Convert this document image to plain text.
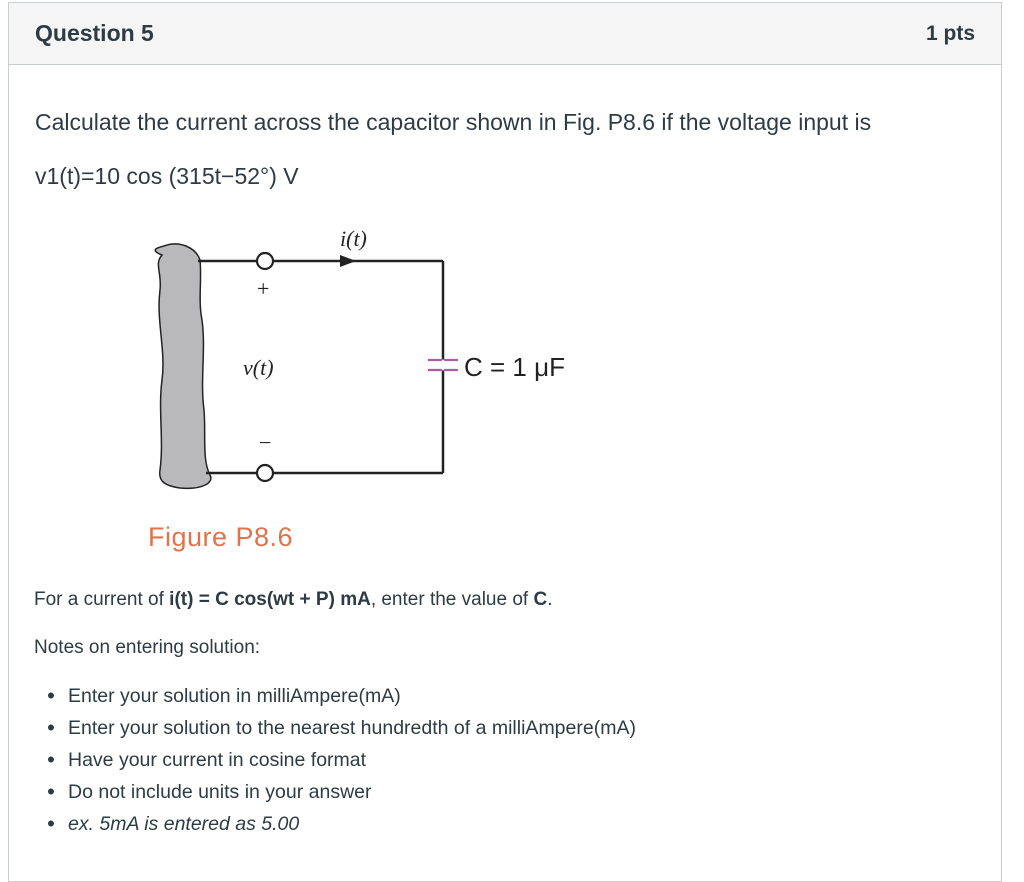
Question 5	1 pts
Calculate the current across the capacitor shown in Fig. P8.6 if the voltage input is
v1(t)=10 cos (315t−52°) V
i(t)
+
v(t)
−
C = 1 μF
Figure P8.6
For a current of i(t) = C cos(wt + P) mA, enter the value of C.
Notes on entering solution:
• Enter your solution in milliAmpere(mA)
• Enter your solution to the nearest hundredth of a milliAmpere(mA)
• Have your current in cosine format
• Do not include units in your answer
• ex. 5mA is entered as 5.00
